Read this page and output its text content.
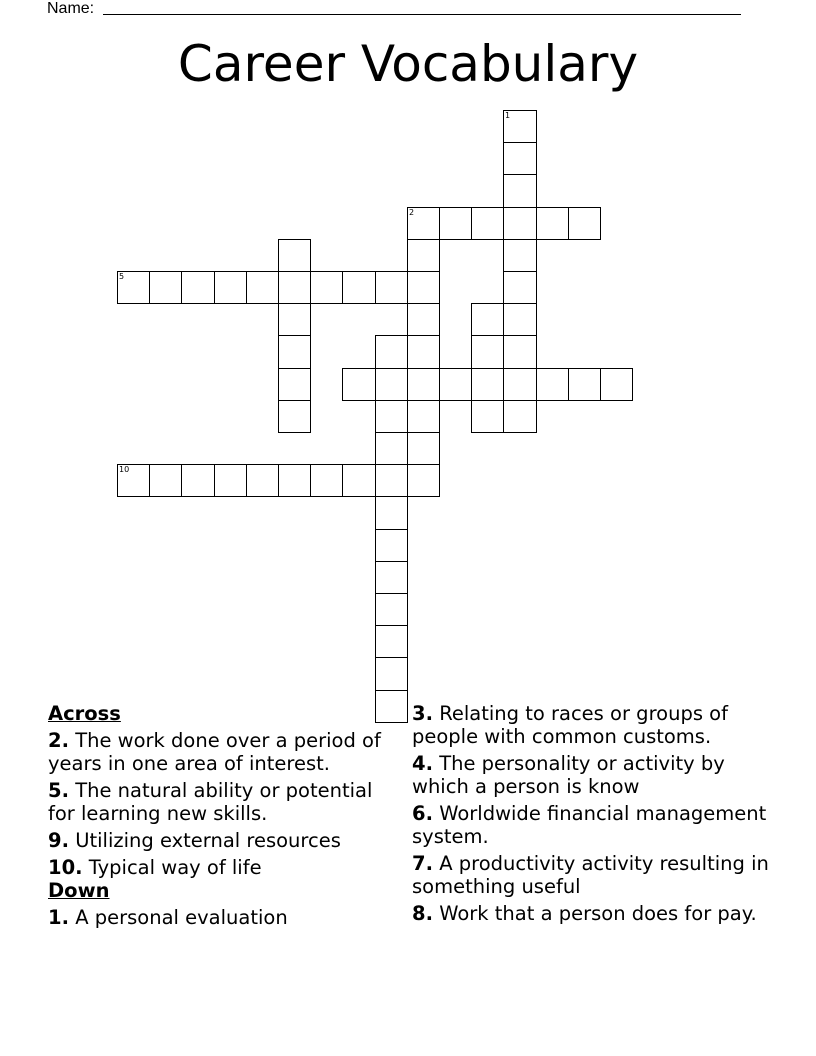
Name:
Career Vocabulary
1
2
5
10
Across
2. The work done over a period of years in one area of interest.
5. The natural ability or potential for learning new skills.
9. Utilizing external resources
10. Typical way of life
Down
1. A personal evaluation
3. Relating to races or groups of people with common customs.
4. The personality or activity by which a person is know
6. Worldwide financial management system.
7. A productivity activity resulting in something useful
8. Work that a person does for pay.
